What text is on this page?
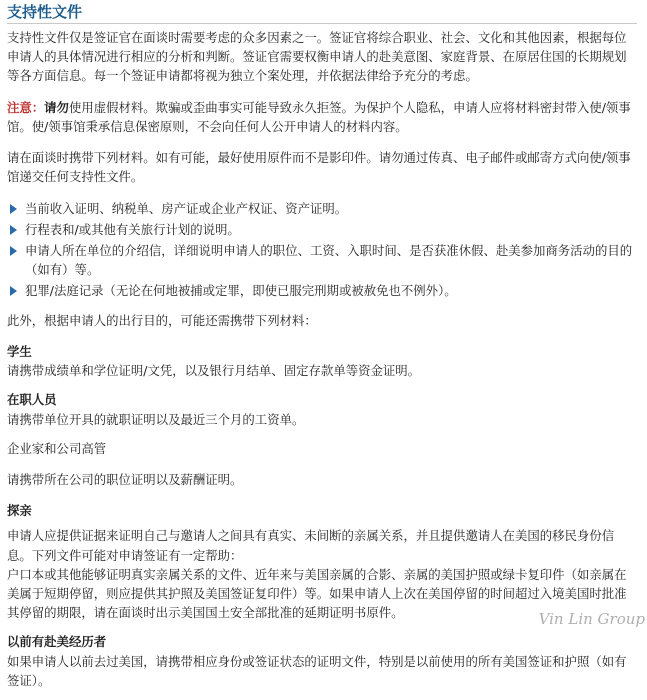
支持性文件

支持性文件仅是签证官在面谈时需要考虑的众多因素之一。签证官将综合职业、社会、文化和其他因素，根据每位申请人的具体情况进行相应的分析和判断。签证官需要权衡申请人的赴美意图、家庭背景、在原居住国的长期规划等各方面信息。每一个签证申请都将视为独立个案处理，并依据法律给予充分的考虑。

注意：请勿使用虚假材料。欺骗或歪曲事实可能导致永久拒签。为保护个人隐私，申请人应将材料密封带入使/领事馆。使/领事馆秉承信息保密原则，不会向任何人公开申请人的材料内容。

请在面谈时携带下列材料。如有可能，最好使用原件而不是影印件。请勿通过传真、电子邮件或邮寄方式向使/领事馆递交任何支持性文件。

当前收入证明、纳税单、房产证或企业产权证、资产证明。
行程表和/或其他有关旅行计划的说明。
申请人所在单位的介绍信，详细说明申请人的职位、工资、入职时间、是否获准休假、赴美参加商务活动的目的（如有）等。
犯罪/法庭记录（无论在何地被捕或定罪，即使已服完刑期或被赦免也不例外）。

此外，根据申请人的出行目的，可能还需携带下列材料：

学生

请携带成绩单和学位证明/文凭，以及银行月结单、固定存款单等资金证明。

在职人员

请携带单位开具的就职证明以及最近三个月的工资单。

企业家和公司高管

请携带所在公司的职位证明以及薪酬证明。

探亲

申请人应提供证据来证明自己与邀请人之间具有真实、未间断的亲属关系，并且提供邀请人在美国的移民身份信息。下列文件可能对申请签证有一定帮助：

户口本或其他能够证明真实亲属关系的文件、近年来与美国亲属的合影、亲属的美国护照或绿卡复印件（如亲属在美属于短期停留，则应提供其护照及美国签证复印件）等。如果申请人上次在美国停留的时间超过入境美国时批准其停留的期限，请在面谈时出示美国国土安全部批准的延期证明书原件。

以前有赴美经历者

如果申请人以前去过美国，请携带相应身份或签证状态的证明文件，特别是以前使用的所有美国签证和护照（如有签证）。

Vin Lin Group
